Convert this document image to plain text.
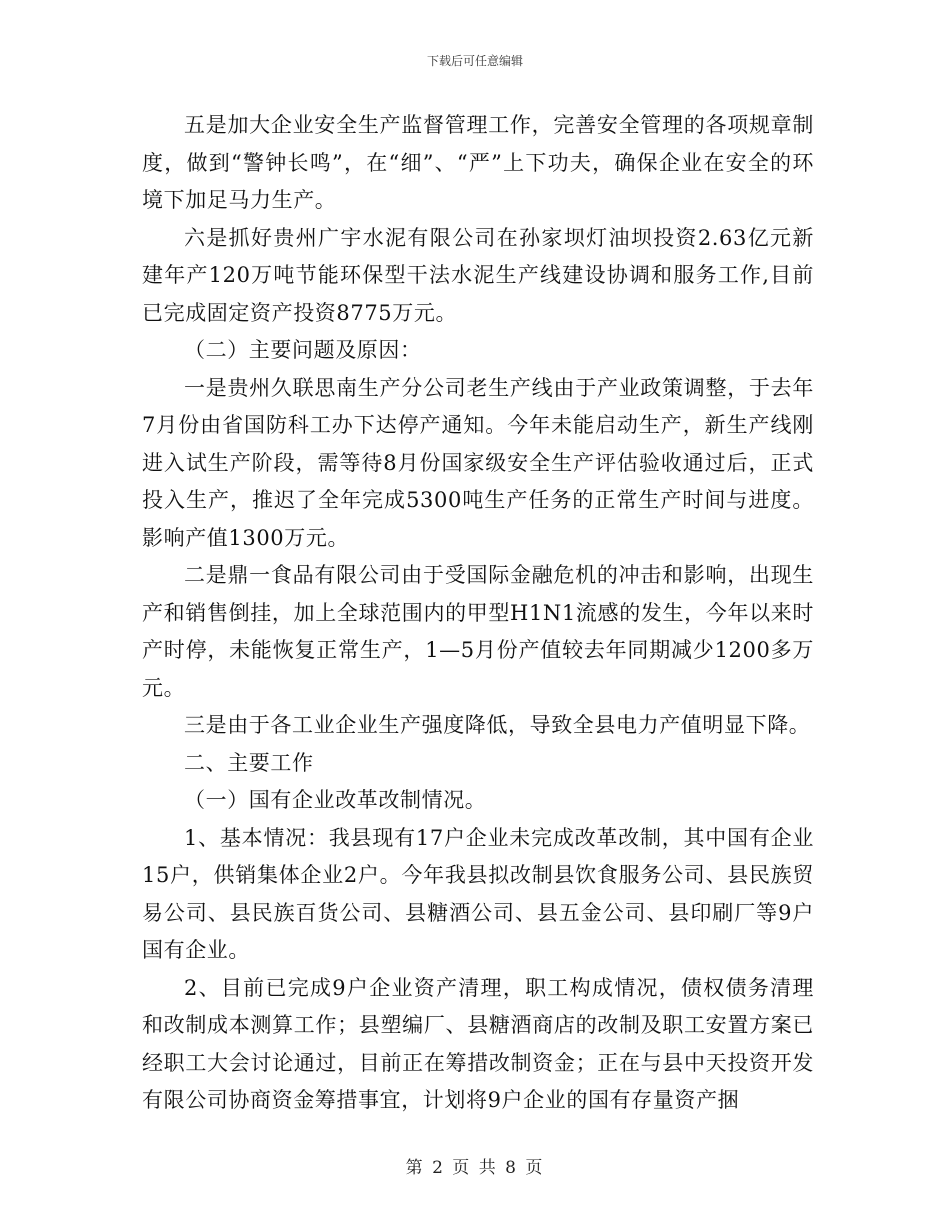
下载后可任意编辑

五是加大企业安全生产监督管理工作，完善安全管理的各项规章制度，做到“警钟长鸣”，在“细”、“严”上下功夫，确保企业在安全的环境下加足马力生产。

六是抓好贵州广宇水泥有限公司在孙家坝灯油坝投资2.63亿元新建年产120万吨节能环保型干法水泥生产线建设协调和服务工作,目前已完成固定资产投资8775万元。

（二）主要问题及原因：

一是贵州久联思南生产分公司老生产线由于产业政策调整，于去年7月份由省国防科工办下达停产通知。今年未能启动生产，新生产线刚进入试生产阶段，需等待8月份国家级安全生产评估验收通过后，正式投入生产，推迟了全年完成5300吨生产任务的正常生产时间与进度。影响产值1300万元。

二是鼎一食品有限公司由于受国际金融危机的冲击和影响，出现生产和销售倒挂，加上全球范围内的甲型H1N1流感的发生，今年以来时产时停，未能恢复正常生产，1—5月份产值较去年同期减少1200多万元。

三是由于各工业企业生产强度降低，导致全县电力产值明显下降。

二、主要工作

（一）国有企业改革改制情况。

1、基本情况：我县现有17户企业未完成改革改制，其中国有企业15户，供销集体企业2户。今年我县拟改制县饮食服务公司、县民族贸易公司、县民族百货公司、县糖酒公司、县五金公司、县印刷厂等9户国有企业。

2、目前已完成9户企业资产清理，职工构成情况，债权债务清理和改制成本测算工作；县塑编厂、县糖酒商店的改制及职工安置方案已经职工大会讨论通过，目前正在筹措改制资金；正在与县中天投资开发有限公司协商资金筹措事宜，计划将9户企业的国有存量资产捆

第 2 页 共 8 页
